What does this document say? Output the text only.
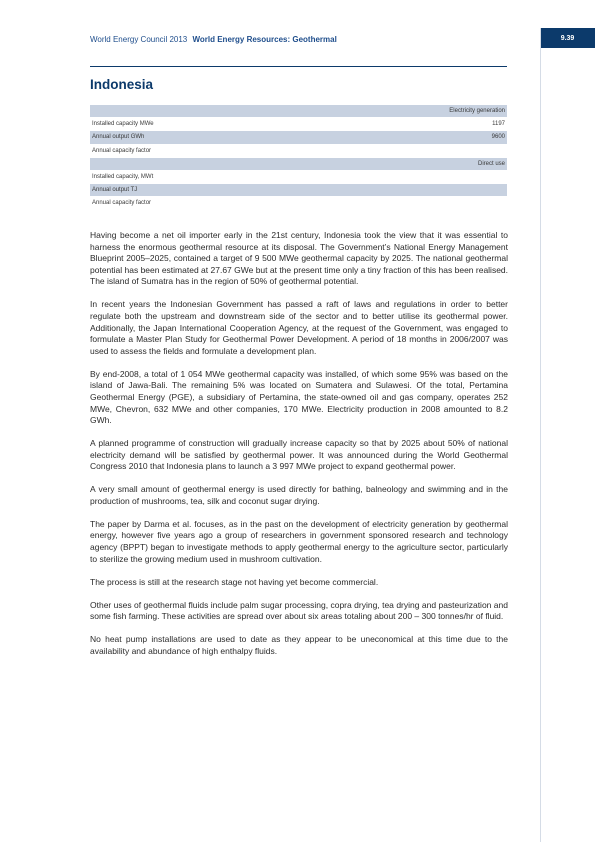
World Energy Council 2013 World Energy Resources: Geothermal	9.39
Indonesia
Electricity generation	
Installed capacity MWe	1197
Annual output GWh	9600
Annual capacity factor	
Direct use	
Installed capacity, MWt	
Annual output TJ	
Annual capacity factor	

Having become a net oil importer early in the 21st century, Indonesia took the view that it was essential to harness the enormous geothermal resource at its disposal. The Government’s National Energy Management Blueprint 2005–2025, contained a target of 9 500 MWe geothermal capacity by 2025. The national geothermal potential has been estimated at 27.67 GWe but at the present time only a tiny fraction of this has been realised. The island of Sumatra has in the region of 50% of geothermal potential.

In recent years the Indonesian Government has passed a raft of laws and regulations in order to better regulate both the upstream and downstream side of the sector and to better utilise its geothermal power. Additionally, the Japan International Cooperation Agency, at the request of the Government, was engaged to formulate a Master Plan Study for Geothermal Power Development. A period of 18 months in 2006/2007 was used to assess the fields and formulate a development plan.

By end-2008, a total of 1 054 MWe geothermal capacity was installed, of which some 95% was based on the island of Jawa-Bali. The remaining 5% was located on Sumatera and Sulawesi. Of the total, Pertamina Geothermal Energy (PGE), a subsidiary of Pertamina, the state-owned oil and gas company, operates 252 MWe, Chevron, 632 MWe and other companies, 170 MWe. Electricity production in 2008 amounted to 8.2 GWh.

A planned programme of construction will gradually increase capacity so that by 2025 about 50% of national electricity demand will be satisfied by geothermal power. It was announced during the World Geothermal Congress 2010 that Indonesia plans to launch a 3 997 MWe project to expand geothermal power.

A very small amount of geothermal energy is used directly for bathing, balneology and swimming and in the production of mushrooms, tea, silk and coconut sugar drying.

The paper by Darma et al. focuses, as in the past on the development of electricity generation by geothermal energy, however five years ago a group of researchers in government sponsored research and technology agency (BPPT) began to investigate methods to apply geothermal energy to the agriculture sector, particularly to sterilize the growing medium used in mushroom cultivation.

The process is still at the research stage not having yet become commercial.

Other uses of geothermal fluids include palm sugar processing, copra drying, tea drying and pasteurization and some fish farming. These activities are spread over about six areas totaling about 200 – 300 tonnes/hr of fluid.

No heat pump installations are used to date as they appear to be uneconomical at this time due to the availability and abundance of high enthalpy fluids.
